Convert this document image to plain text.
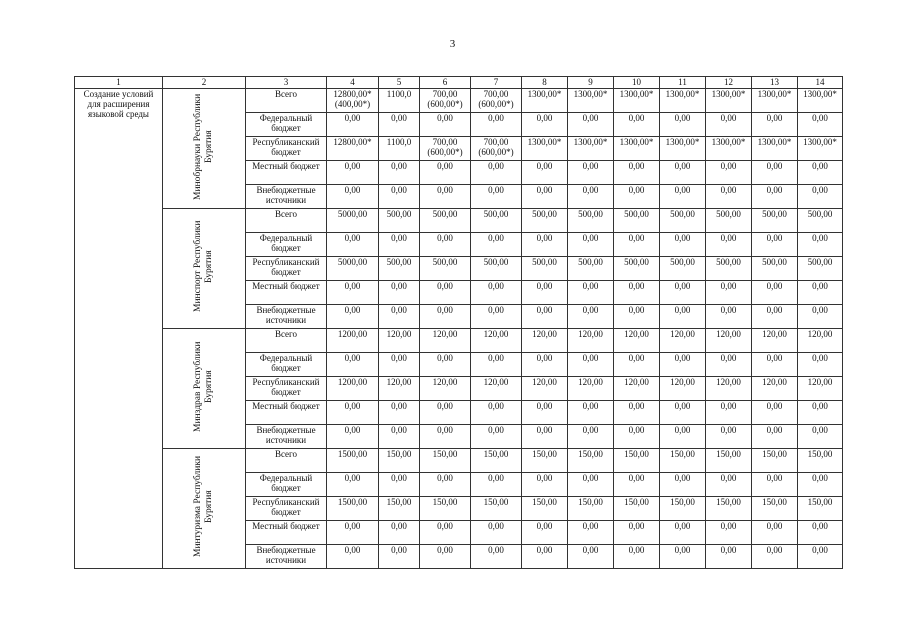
3
1	2	3	4	5	6	7	8	9	10	11	12	13	14
Создание условий для расширения языковой среды	Минобрнауки Республики Бурятия	Всего	12800,00* (400,00*)	1100,0	700,00 (600,00*)	700,00 (600,00*)	1300,00*	1300,00*	1300,00*	1300,00*	1300,00*	1300,00*	1300,00*
		Федеральный бюджет	0,00	0,00	0,00	0,00	0,00	0,00	0,00	0,00	0,00	0,00	0,00
		Республиканский бюджет	12800,00*	1100,0	700,00 (600,00*)	700,00 (600,00*)	1300,00*	1300,00*	1300,00*	1300,00*	1300,00*	1300,00*	1300,00*
		Местный бюджет	0,00	0,00	0,00	0,00	0,00	0,00	0,00	0,00	0,00	0,00	0,00
		Внебюджетные источники	0,00	0,00	0,00	0,00	0,00	0,00	0,00	0,00	0,00	0,00	0,00

	Минспорт Республики Бурятия	Всего	5000,00	500,00	500,00	500,00	500,00	500,00	500,00	500,00	500,00	500,00	500,00
		Федеральный бюджет	0,00	0,00	0,00	0,00	0,00	0,00	0,00	0,00	0,00	0,00	0,00
		Республиканский бюджет	5000,00	500,00	500,00	500,00	500,00	500,00	500,00	500,00	500,00	500,00	500,00
		Местный бюджет	0,00	0,00	0,00	0,00	0,00	0,00	0,00	0,00	0,00	0,00	0,00
		Внебюджетные источники	0,00	0,00	0,00	0,00	0,00	0,00	0,00	0,00	0,00	0,00	0,00

	Минздрав Республики Бурятия	Всего	1200,00	120,00	120,00	120,00	120,00	120,00	120,00	120,00	120,00	120,00	120,00
		Федеральный бюджет	0,00	0,00	0,00	0,00	0,00	0,00	0,00	0,00	0,00	0,00	0,00
		Республиканский бюджет	1200,00	120,00	120,00	120,00	120,00	120,00	120,00	120,00	120,00	120,00	120,00
		Местный бюджет	0,00	0,00	0,00	0,00	0,00	0,00	0,00	0,00	0,00	0,00	0,00
		Внебюджетные источники	0,00	0,00	0,00	0,00	0,00	0,00	0,00	0,00	0,00	0,00	0,00

	Минтуризма Республики Бурятия	Всего	1500,00	150,00	150,00	150,00	150,00	150,00	150,00	150,00	150,00	150,00	150,00
		Федеральный бюджет	0,00	0,00	0,00	0,00	0,00	0,00	0,00	0,00	0,00	0,00	0,00
		Республиканский бюджет	1500,00	150,00	150,00	150,00	150,00	150,00	150,00	150,00	150,00	150,00	150,00
		Местный бюджет	0,00	0,00	0,00	0,00	0,00	0,00	0,00	0,00	0,00	0,00	0,00
		Внебюджетные источники	0,00	0,00	0,00	0,00	0,00	0,00	0,00	0,00	0,00	0,00	0,00
